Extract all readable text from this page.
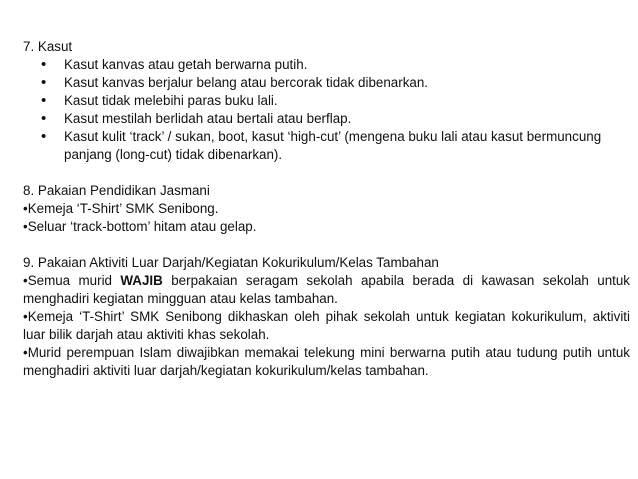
7. Kasut

• Kasut kanvas atau getah berwarna putih.
• Kasut kanvas berjalur belang atau bercorak tidak dibenarkan.
• Kasut tidak melebihi paras buku lali.
• Kasut mestilah berlidah atau bertali atau berflap.
• Kasut kulit ‘track’ / sukan, boot, kasut ‘high-cut’ (mengena buku lali atau kasut bermuncung panjang (long-cut) tidak dibenarkan).

8. Pakaian Pendidikan Jasmani

•Kemeja ‘T-Shirt’ SMK Senibong.

•Seluar ‘track-bottom’ hitam atau gelap.

9. Pakaian Aktiviti Luar Darjah/Kegiatan Kokurikulum/Kelas Tambahan

•Semua murid WAJIB berpakaian seragam sekolah apabila berada di kawasan sekolah untuk menghadiri kegiatan mingguan atau kelas tambahan.

•Kemeja ‘T-Shirt’ SMK Senibong dikhaskan oleh pihak sekolah untuk kegiatan kokurikulum, aktiviti luar bilik darjah atau aktiviti khas sekolah.

•Murid perempuan Islam diwajibkan memakai telekung mini berwarna putih atau tudung putih untuk menghadiri aktiviti luar darjah/kegiatan kokurikulum/kelas tambahan.
